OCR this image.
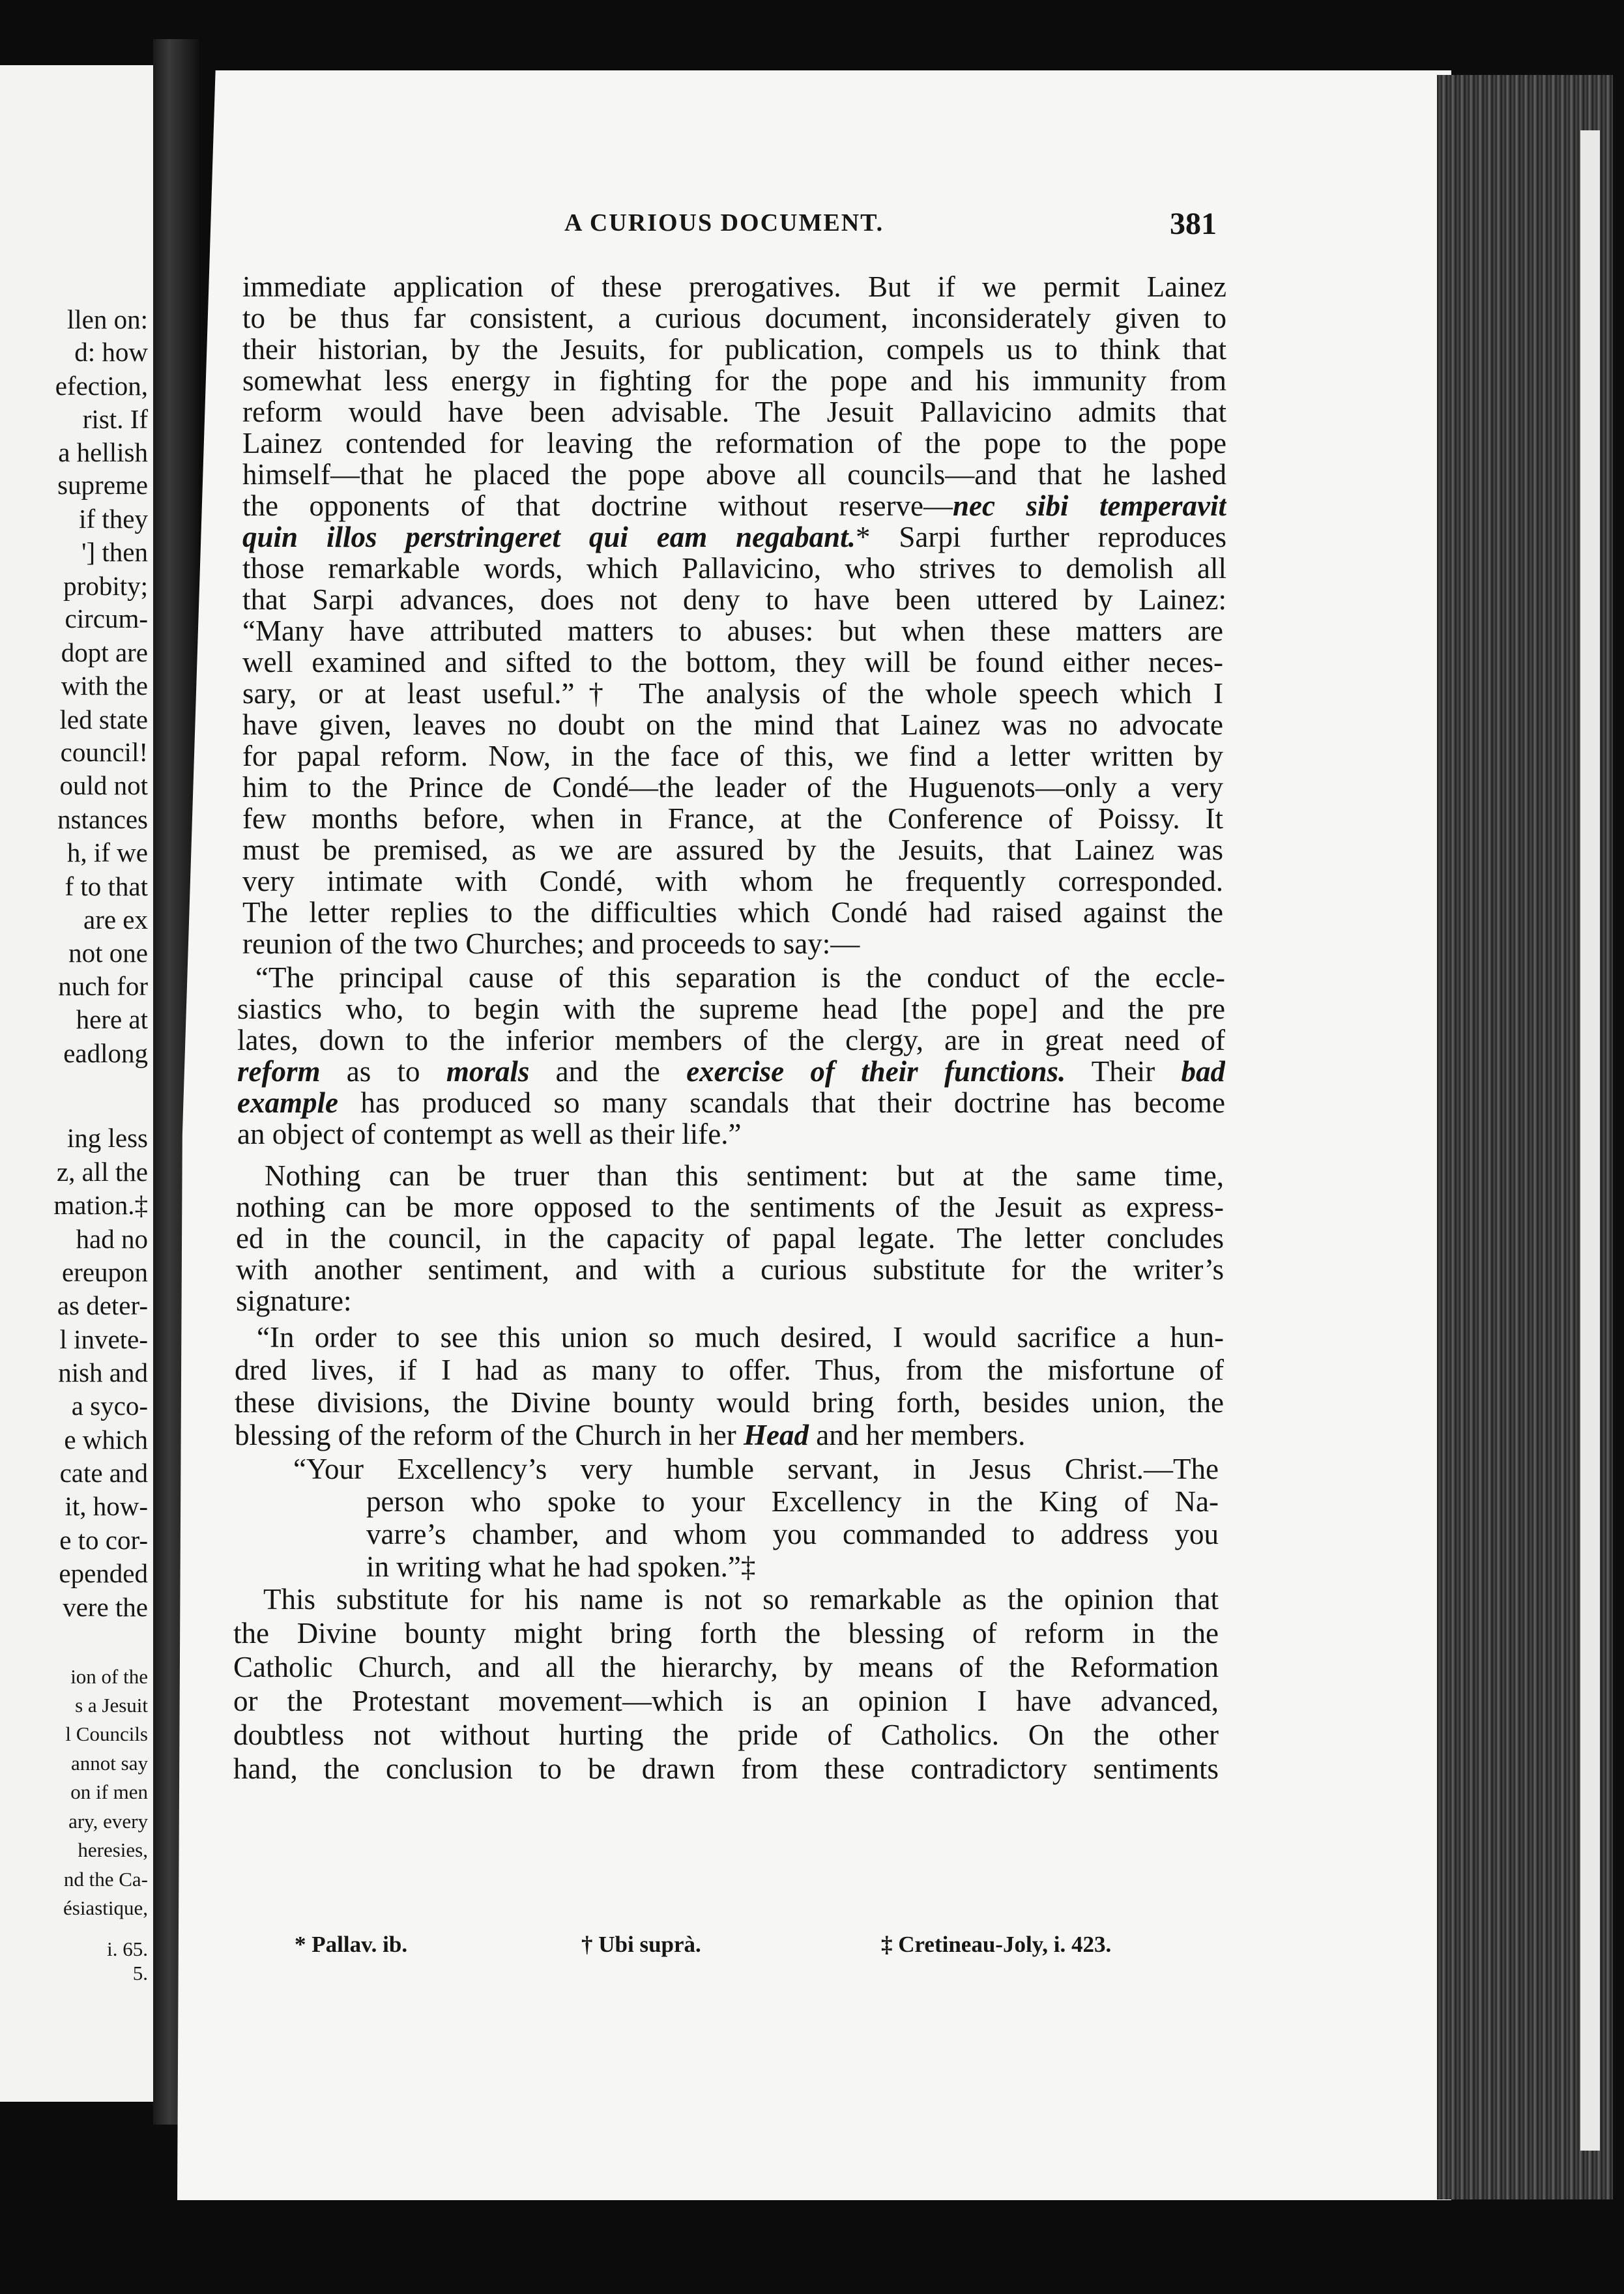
llen on:
d: how
efection,
rist. If
a hellish
supreme
if they
'] then
probity;
circum-
dopt are
with the
led state
council!
ould not
nstances
h, if we
f to that
are ex
not one
nuch for
here at
eadlong
ing less
z, all the
mation.‡
had no
ereupon
as deter-
l invete-
nish and
a syco-
e which
cate and
it, how-
e to cor-
epended
vere the
ion of the
s a Jesuit
l Councils
annot say
on if men
ary, every
heresies,
nd the Ca-
ésiastique,
i. 65.
5.
A CURIOUS DOCUMENT.	381
immediate application of these prerogatives. But if we permit Lainez
to be thus far consistent, a curious document, inconsiderately given to
their historian, by the Jesuits, for publication, compels us to think that
somewhat less energy in fighting for the pope and his immunity from
reform would have been advisable. The Jesuit Pallavicino admits that
Lainez contended for leaving the reformation of the pope to the pope
himself—that he placed the pope above all councils—and that he lashed
the opponents of that doctrine without reserve—nec sibi temperavit
quin illos perstringeret qui eam negabant.* Sarpi further reproduces
those remarkable words, which Pallavicino, who strives to demolish all
that Sarpi advances, does not deny to have been uttered by Lainez:
“Many have attributed matters to abuses: but when these matters are
well examined and sifted to the bottom, they will be found either neces-
sary, or at least useful.”† The analysis of the whole speech which I
have given, leaves no doubt on the mind that Lainez was no advocate
for papal reform. Now, in the face of this, we find a letter written by
him to the Prince de Condé—the leader of the Huguenots—only a very
few months before, when in France, at the Conference of Poissy. It
must be premised, as we are assured by the Jesuits, that Lainez was
very intimate with Condé, with whom he frequently corresponded.
The letter replies to the difficulties which Condé had raised against the
reunion of the two Churches; and proceeds to say:—
“The principal cause of this separation is the conduct of the eccle-
siastics who, to begin with the supreme head [the pope] and the pre
lates, down to the inferior members of the clergy, are in great need of
reform as to morals and the exercise of their functions. Their bad
example has produced so many scandals that their doctrine has become
an object of contempt as well as their life.”
Nothing can be truer than this sentiment: but at the same time,
nothing can be more opposed to the sentiments of the Jesuit as express-
ed in the council, in the capacity of papal legate. The letter concludes
with another sentiment, and with a curious substitute for the writer’s
signature:
“In order to see this union so much desired, I would sacrifice a hun-
dred lives, if I had as many to offer. Thus, from the misfortune of
these divisions, the Divine bounty would bring forth, besides union, the
blessing of the reform of the Church in her Head and her members.
“Your Excellency’s very humble servant, in Jesus Christ.—The
person who spoke to your Excellency in the King of Na-
varre’s chamber, and whom you commanded to address you
in writing what he had spoken.”‡
This substitute for his name is not so remarkable as the opinion that
the Divine bounty might bring forth the blessing of reform in the
Catholic Church, and all the hierarchy, by means of the Reformation
or the Protestant movement—which is an opinion I have advanced,
doubtless not without hurting the pride of Catholics. On the other
hand, the conclusion to be drawn from these contradictory sentiments
* Pallav. ib.	† Ubi suprà.	‡ Cretineau-Joly, i. 423.
